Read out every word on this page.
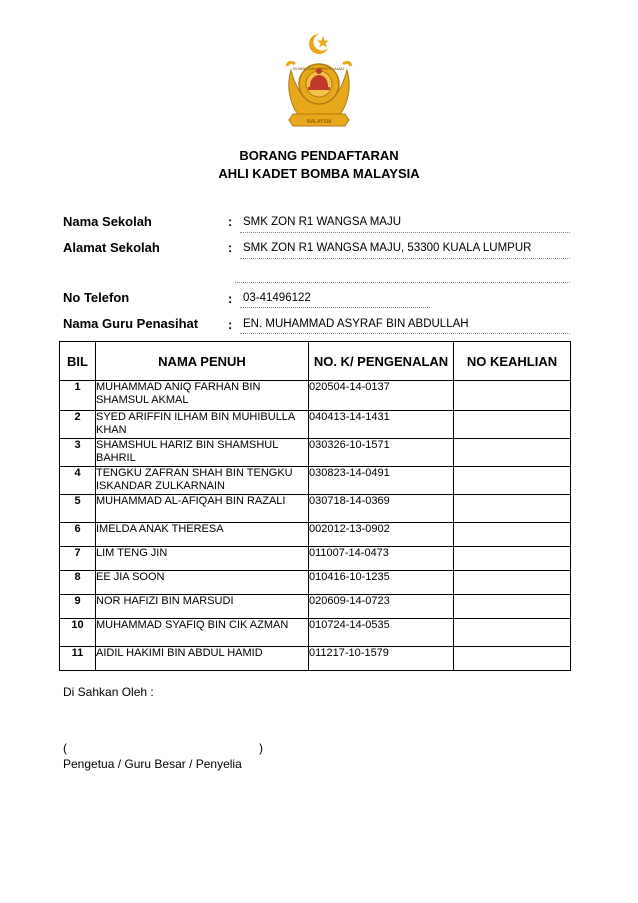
BOMBA DAN PENYELAMAT
MALAYSIA
BORANG PENDAFTARAN
AHLI KADET BOMBA MALAYSIA
Nama Sekolah	: SMK ZON R1 WANGSA MAJU
Alamat Sekolah	: SMK ZON R1 WANGSA MAJU, 53300 KUALA LUMPUR
No Telefon	: 03-41496122
Nama Guru Penasihat : EN. MUHAMMAD ASYRAF BIN ABDULLAH
BIL	NAMA PENUH	NO. K/ PENGENALAN	NO KEAHLIAN
1	MUHAMMAD ANIQ FARHAN BIN SHAMSUL AKMAL	020504-14-0137	
2	SYED ARIFFIN ILHAM BIN MUHIBULLA KHAN	040413-14-1431	
3	SHAMSHUL HARIZ BIN SHAMSHUL BAHRIL	030326-10-1571	
4	TENGKU ZAFRAN SHAH BIN TENGKU ISKANDAR ZULKARNAIN	030823-14-0491	
5	MUHAMMAD AL-AFIQAH BIN RAZALI	030718-14-0369	
6	IMELDA ANAK THERESA	002012-13-0902	
7	LIM TENG JIN	011007-14-0473	
8	EE JIA SOON	010416-10-1235	
9	NOR HAFIZI BIN MARSUDI	020609-14-0723	
10	MUHAMMAD SYAFIQ BIN CIK AZMAN	010724-14-0535	
11	AIDIL HAKIMI BIN ABDUL HAMID	011217-10-1579	
Di Sahkan Oleh :
(	)
Pengetua / Guru Besar / Penyelia
